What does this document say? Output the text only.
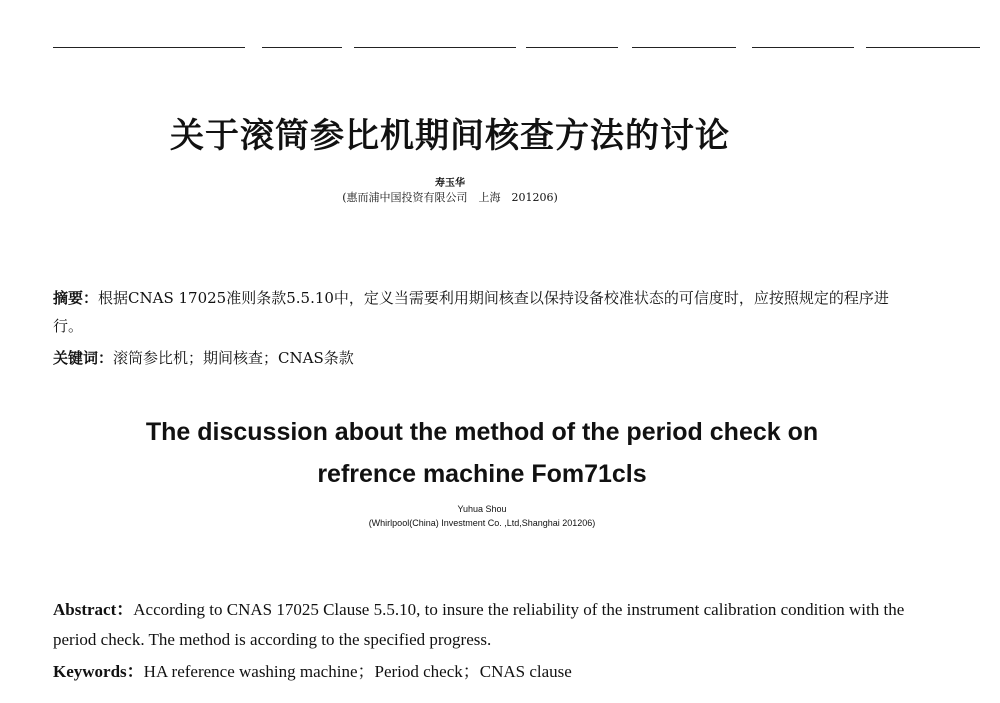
关于滚筒参比机期间核查方法的讨论
寿玉华
(惠而浦中国投资有限公司　上海　201206)
摘要：根据CNAS 17025准则条款5.5.10中，定义当需要利用期间核查以保持设备校准状态的可信度时，应按照规定的程序进行。
关键词：滚筒参比机；期间核查；CNAS条款
The discussion about the method of the period check on
refrence machine Fom71cls
Yuhua Shou
(Whirlpool(China) Investment Co. ,Ltd,Shanghai 201206)
Abstract：According to CNAS 17025 Clause 5.5.10, to insure the reliability of the instrument calibration condition with the period check. The method is according to the specified progress.
Keywords：HA reference washing machine；Period check；CNAS clause
